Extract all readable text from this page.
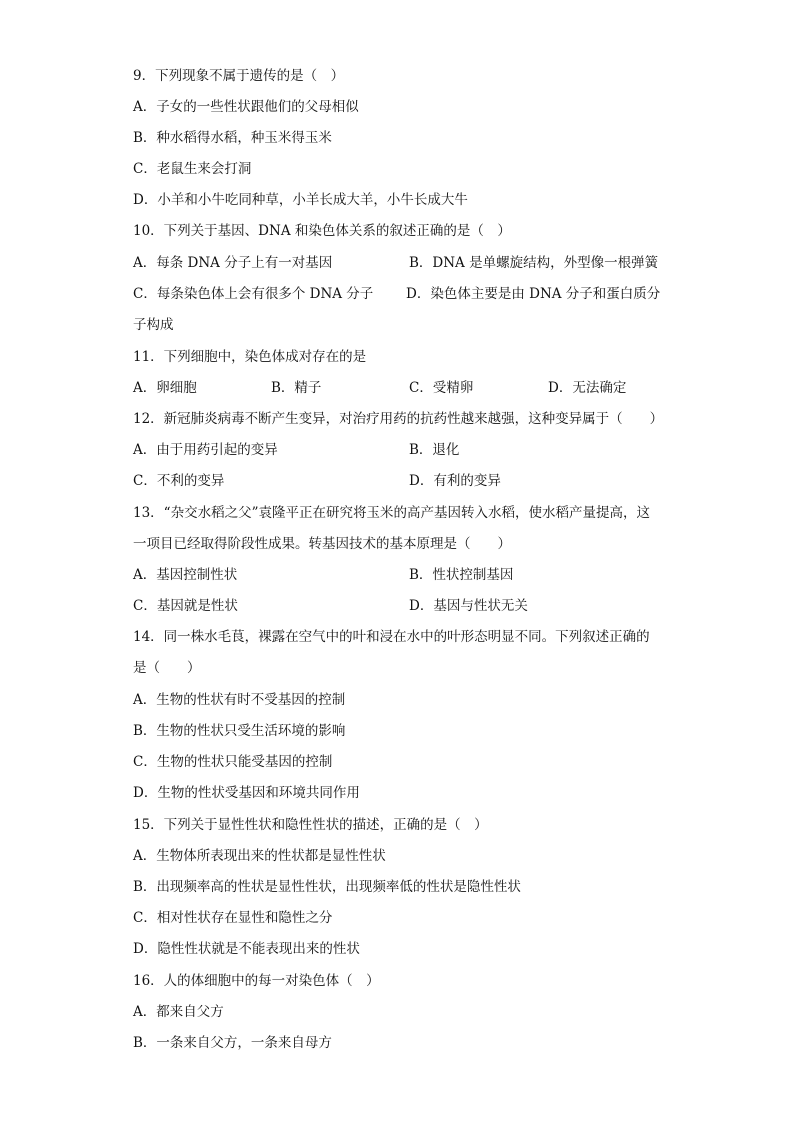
9．下列现象不属于遗传的是（　）
A．子女的一些性状跟他们的父母相似
B．种水稻得水稻，种玉米得玉米
C．老鼠生来会打洞
D．小羊和小牛吃同种草，小羊长成大羊，小牛长成大牛
10．下列关于基因、DNA 和染色体关系的叙述正确的是（　）
A．每条 DNA 分子上有一对基因	B．DNA 是单螺旋结构，外型像一根弹簧
C．每条染色体上会有很多个 DNA 分子 D．染色体主要是由 DNA 分子和蛋白质分
子构成
11．下列细胞中，染色体成对存在的是
A．卵细胞	B．精子	C．受精卵	D．无法确定
12．新冠肺炎病毒不断产生变异，对治疗用药的抗药性越来越强，这种变异属于（　　）
A．由于用药引起的变异	B．退化
C．不利的变异	D．有利的变异
13．“杂交水稻之父”袁隆平正在研究将玉米的高产基因转入水稻，使水稻产量提高，这
一项目已经取得阶段性成果。转基因技术的基本原理是（　　）
A．基因控制性状	B．性状控制基因
C．基因就是性状	D．基因与性状无关
14．同一株水毛茛，裸露在空气中的叶和浸在水中的叶形态明显不同。下列叙述正确的
是（　　）
A．生物的性状有时不受基因的控制
B．生物的性状只受生活环境的影响
C．生物的性状只能受基因的控制
D．生物的性状受基因和环境共同作用
15．下列关于显性性状和隐性性状的描述，正确的是（　）
A．生物体所表现出来的性状都是显性性状
B．出现频率高的性状是显性性状，出现频率低的性状是隐性性状
C．相对性状存在显性和隐性之分
D．隐性性状就是不能表现出来的性状
16．人的体细胞中的每一对染色体（　）
A．都来自父方
B．一条来自父方，一条来自母方
